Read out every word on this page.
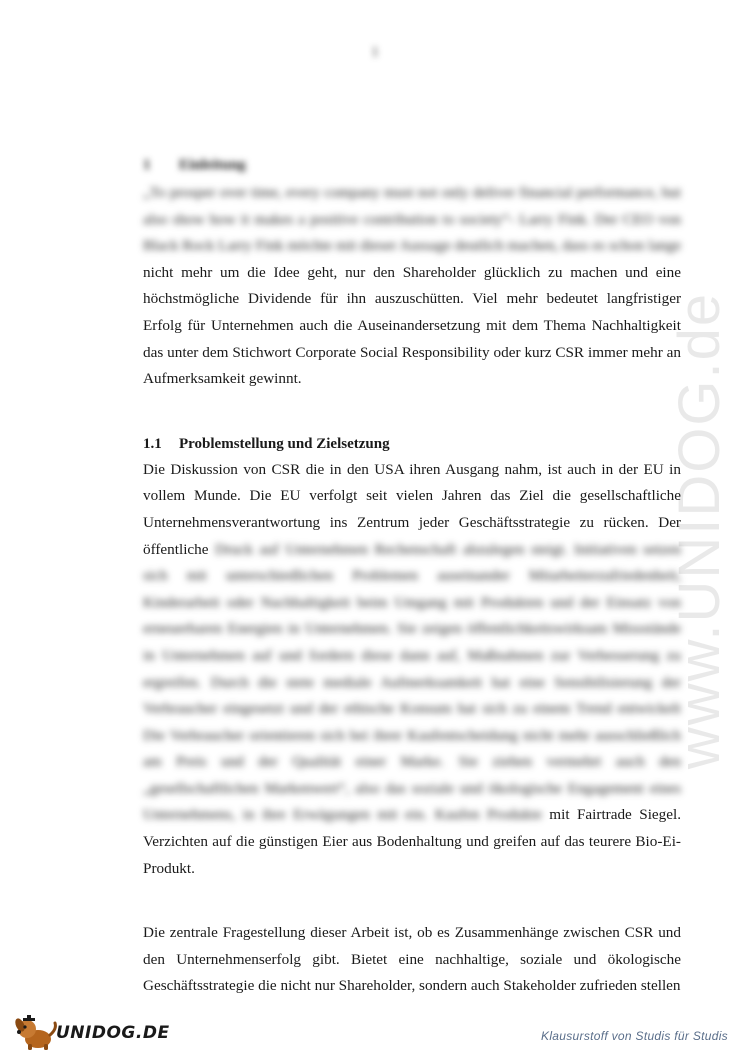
1
www.UNIDOG.de
1 Einleitung

„To prosper over time, every company must not only deliver financial performance, but also show how it makes a positive contribution to society“- Larry Fink. Der CEO von Black Rock Larry Fink möchte mit dieser Aussage deutlich machen, dass es schon lange nicht mehr um die Idee geht, nur den Shareholder glücklich zu machen und eine höchstmögliche Dividende für ihn auszuschütten. Viel mehr bedeutet langfristiger Erfolg für Unternehmen auch die Auseinandersetzung mit dem Thema Nachhaltigkeit das unter dem Stichwort Corporate Social Responsibility oder kurz CSR immer mehr an Aufmerksamkeit gewinnt.

1.1 Problemstellung und Zielsetzung

Die Diskussion von CSR die in den USA ihren Ausgang nahm, ist auch in der EU in vollem Munde. Die EU verfolgt seit vielen Jahren das Ziel die gesellschaftliche Unternehmensverantwortung ins Zentrum jeder Geschäftsstrategie zu rücken. Der öffentliche Druck auf Unternehmen Rechenschaft abzulegen steigt. Initiativen setzen sich mit unterschiedlichen Problemen auseinander Mitarbeiterzufriedenheit, Kinderarbeit oder Nachhaltigkeit beim Umgang mit Produkten und der Einsatz von erneuerbaren Energien in Unternehmen. Sie zeigen öffentlichkeitswirksam Missstände in Unternehmen auf und fordern diese dann auf, Maßnahmen zur Verbesserung zu ergreifen. Durch die stete mediale Aufmerksamkeit hat eine Sensibilisierung der Verbraucher eingesetzt und der ethische Konsum hat sich zu einem Trend entwickelt Die Verbraucher orientieren sich bei ihrer Kaufentscheidung nicht mehr ausschließlich am Preis und der Qualität einer Marke. Sie ziehen vermehrt auch den „gesellschaftlichen Markenwert“, also das soziale und ökologische Engagement eines Unternehmens, in ihre Erwägungen mit ein. Kaufen Produkte mit Fairtrade Siegel. Verzichten auf die günstigen Eier aus Bodenhaltung und greifen auf das teurere Bio-Ei-Produkt.

Die zentrale Fragestellung dieser Arbeit ist, ob es Zusammenhänge zwischen CSR und den Unternehmenserfolg gibt. Bietet eine nachhaltige, soziale und ökologische Geschäftsstrategie die nicht nur Shareholder, sondern auch Stakeholder zufrieden stellen

UNIDOG.DE	Klausurstoff von Studis für Studis
